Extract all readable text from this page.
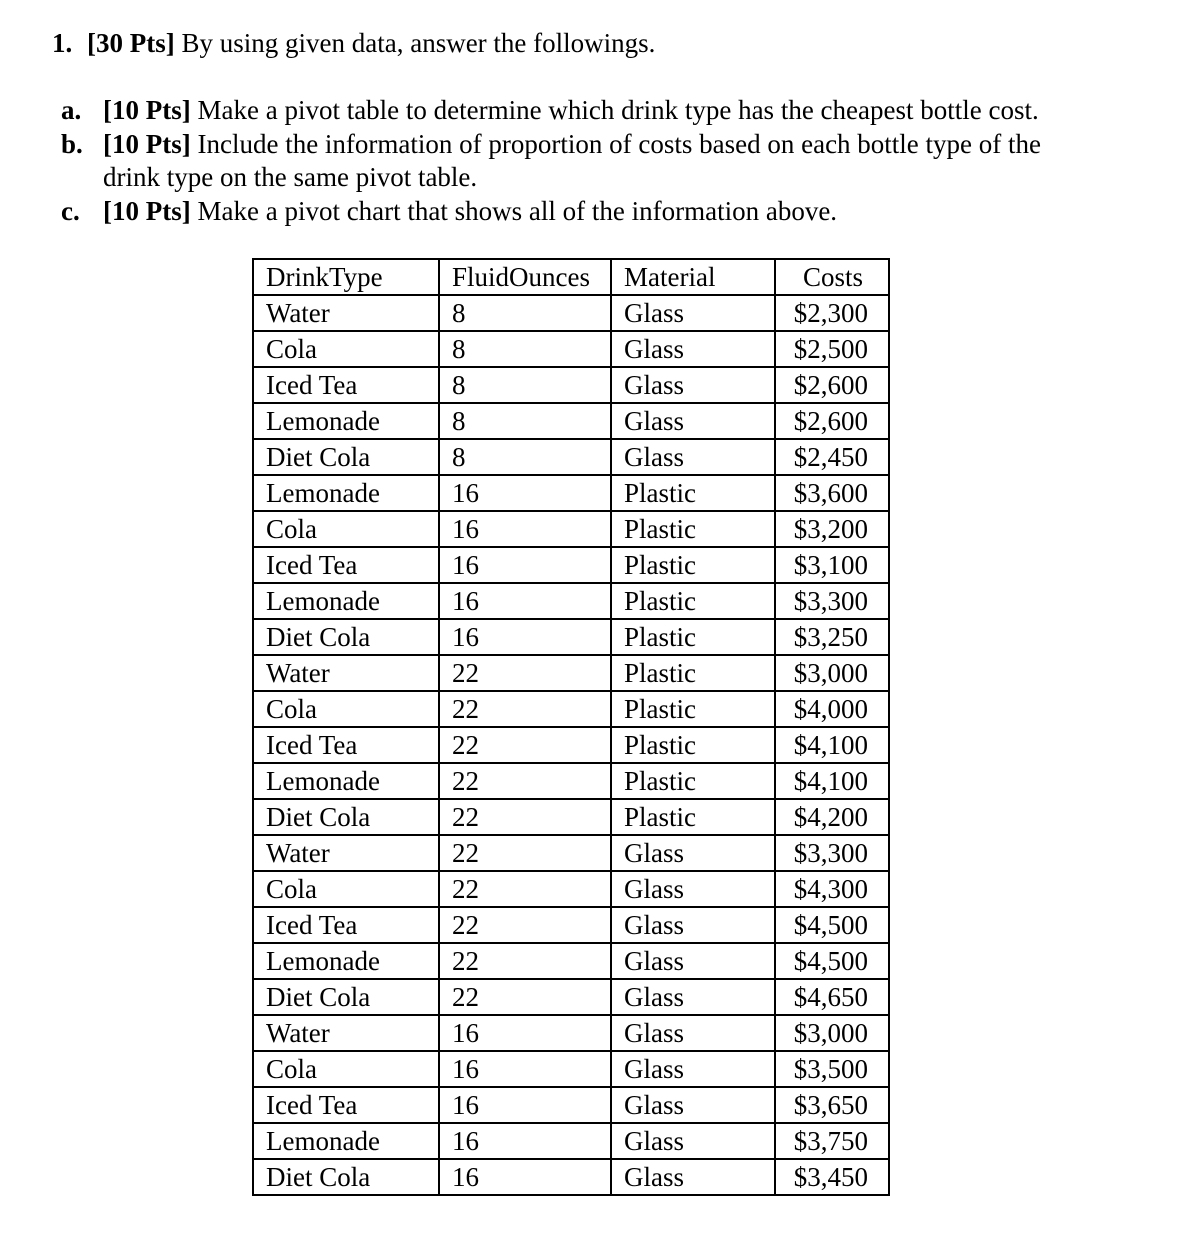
1. [30 Pts] By using given data, answer the followings.
a. [10 Pts] Make a pivot table to determine which drink type has the cheapest bottle cost.
b. [10 Pts] Include the information of proportion of costs based on each bottle type of the
drink type on the same pivot table.
c. [10 Pts] Make a pivot chart that shows all of the information above.
DrinkType	FluidOunces	Material	Costs
Water	8	Glass	$2,300
Cola	8	Glass	$2,500
Iced Tea	8	Glass	$2,600
Lemonade	8	Glass	$2,600
Diet Cola	8	Glass	$2,450
Lemonade	16	Plastic	$3,600
Cola	16	Plastic	$3,200
Iced Tea	16	Plastic	$3,100
Lemonade	16	Plastic	$3,300
Diet Cola	16	Plastic	$3,250
Water	22	Plastic	$3,000
Cola	22	Plastic	$4,000
Iced Tea	22	Plastic	$4,100
Lemonade	22	Plastic	$4,100
Diet Cola	22	Plastic	$4,200
Water	22	Glass	$3,300
Cola	22	Glass	$4,300
Iced Tea	22	Glass	$4,500
Lemonade	22	Glass	$4,500
Diet Cola	22	Glass	$4,650
Water	16	Glass	$3,000
Cola	16	Glass	$3,500
Iced Tea	16	Glass	$3,650
Lemonade	16	Glass	$3,750
Diet Cola	16	Glass	$3,450
